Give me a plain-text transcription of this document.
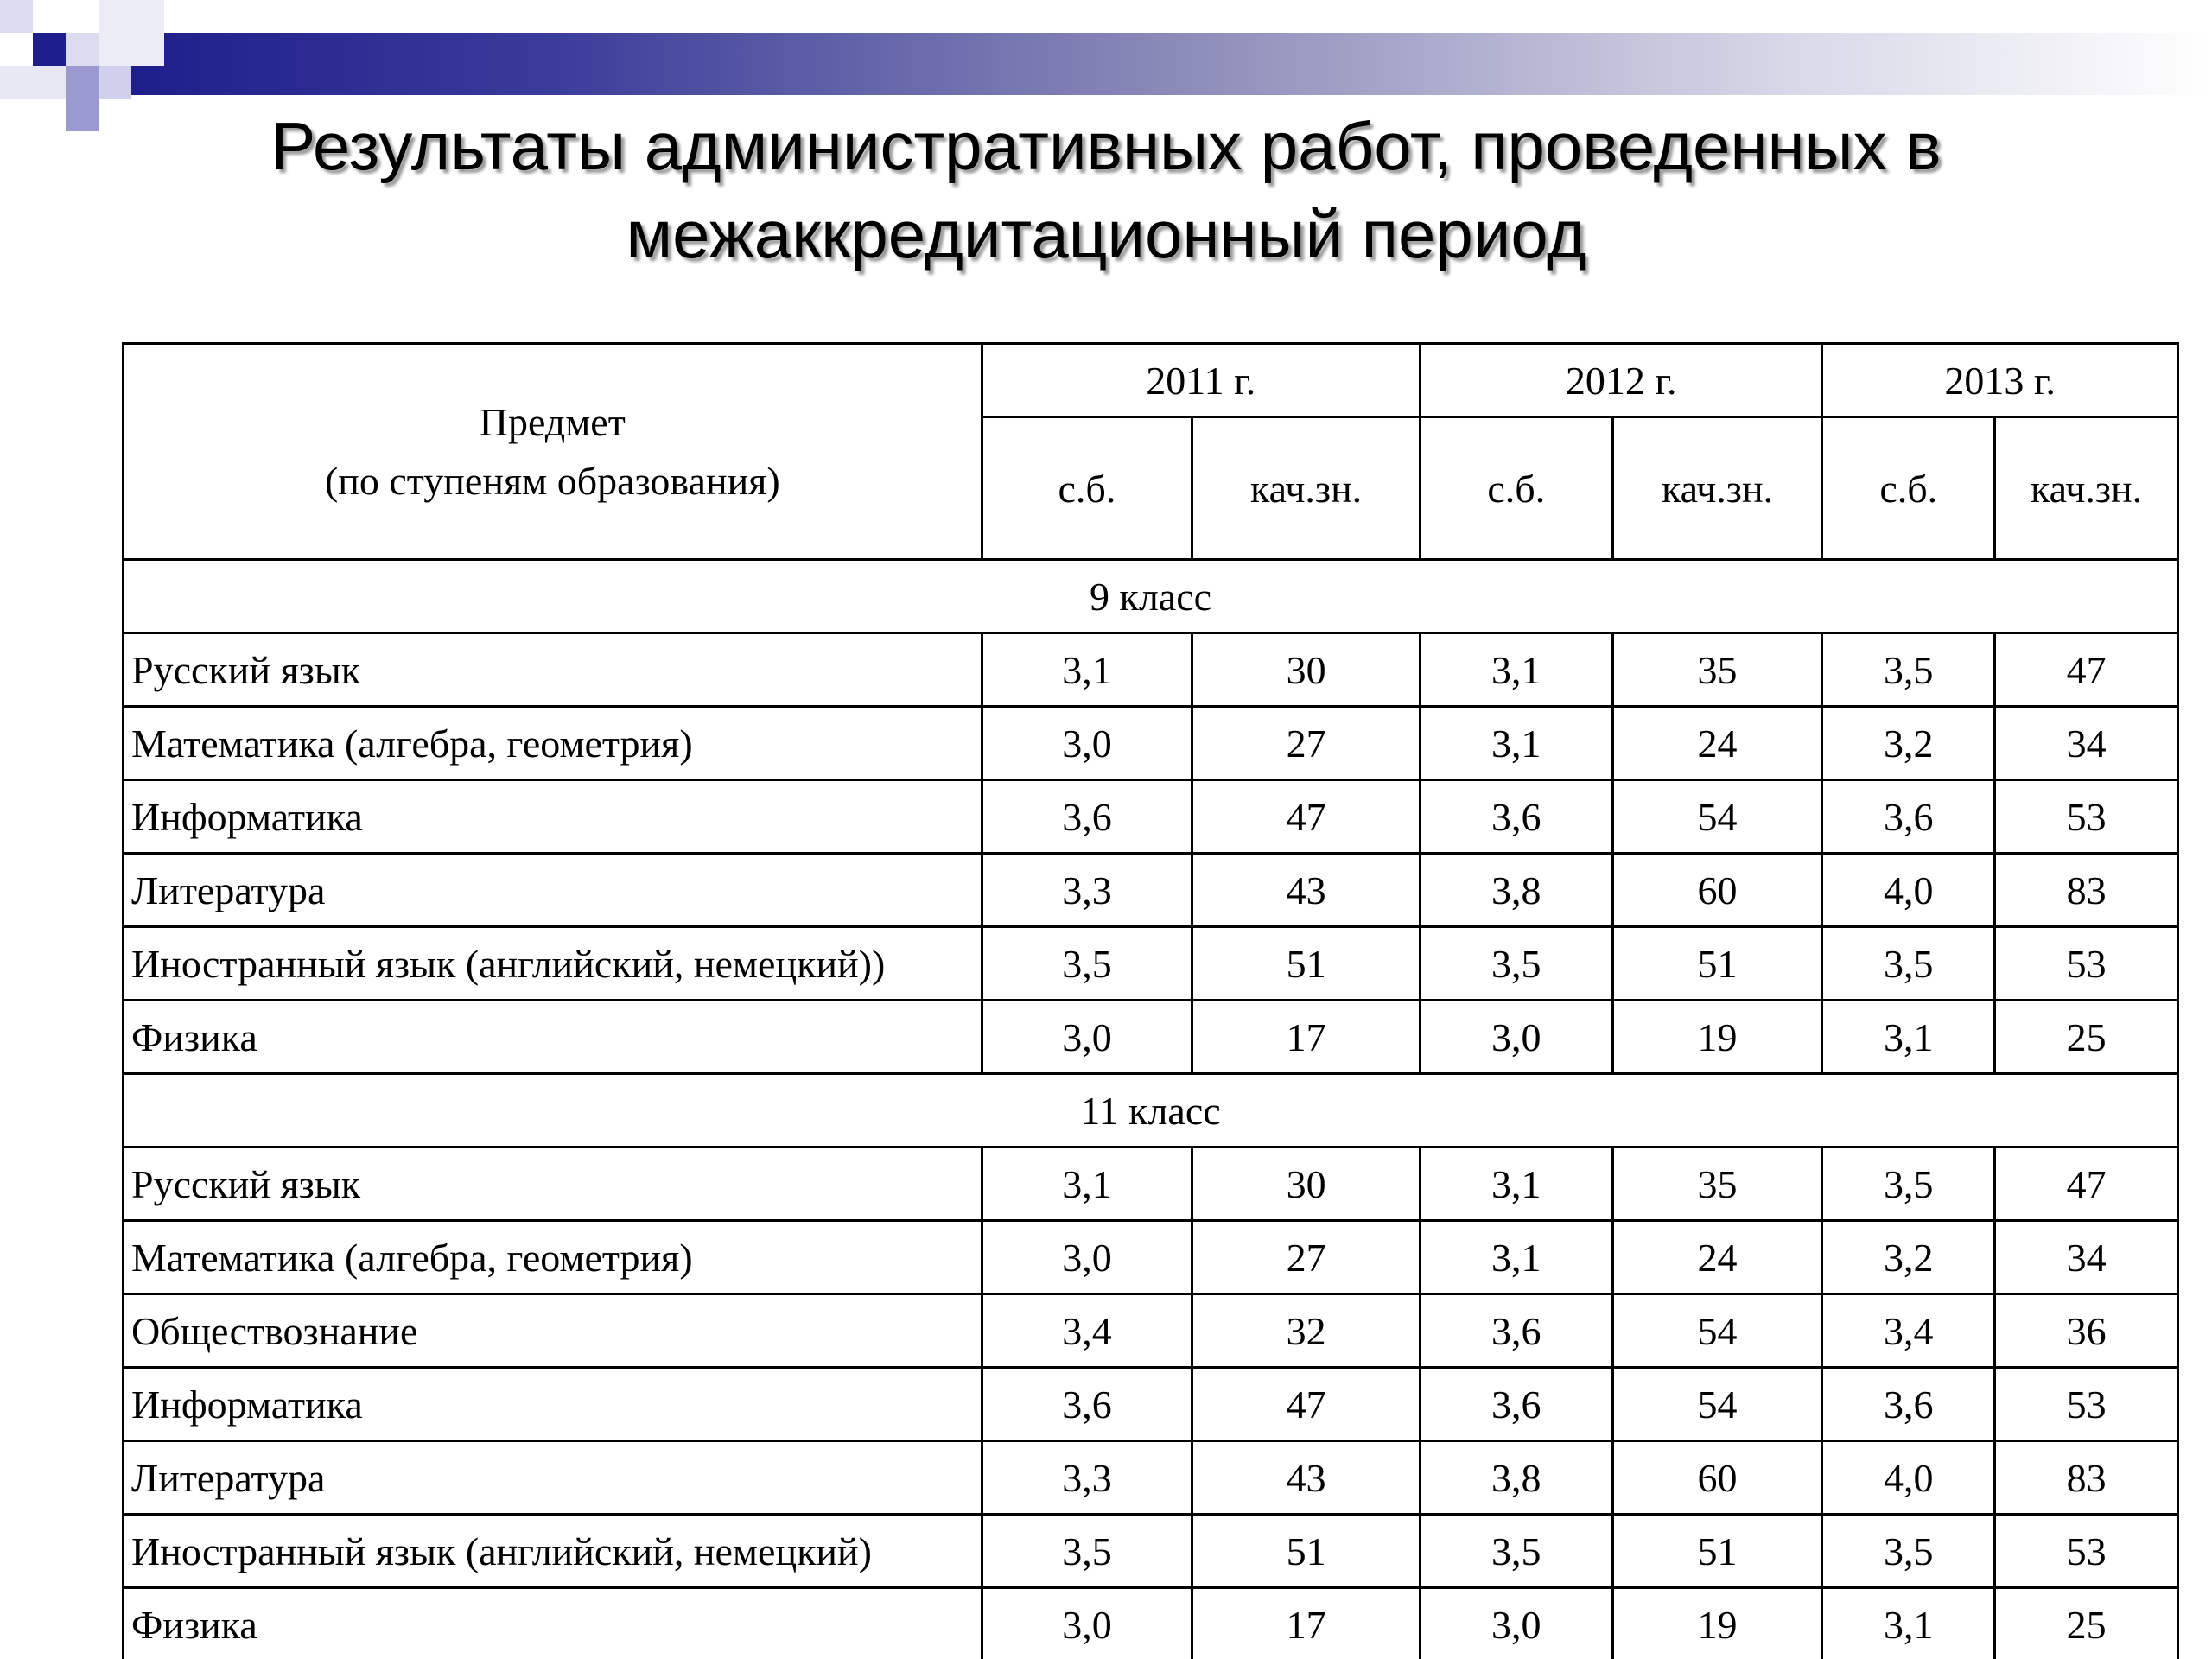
Результаты административных работ, проведенных в межаккредитационный период
Предмет
(по ступеням образования)	2011 г.		2012 г.		2013 г.	
	с.б.	кач.зн.	с.б.	кач.зн.	с.б.	кач.зн.
9 класс						
Русский язык	3,1	30	3,1	35	3,5	47
Математика (алгебра, геометрия)	3,0	27	3,1	24	3,2	34
Информатика	3,6	47	3,6	54	3,6	53
Литература	3,3	43	3,8	60	4,0	83
Иностранный язык (английский, немецкий))	3,5	51	3,5	51	3,5	53
Физика	3,0	17	3,0	19	3,1	25
11 класс						
Русский язык	3,1	30	3,1	35	3,5	47
Математика (алгебра, геометрия)	3,0	27	3,1	24	3,2	34
Обществознание	3,4	32	3,6	54	3,4	36
Информатика	3,6	47	3,6	54	3,6	53
Литература	3,3	43	3,8	60	4,0	83
Иностранный язык (английский, немецкий)	3,5	51	3,5	51	3,5	53
Физика	3,0	17	3,0	19	3,1	25
